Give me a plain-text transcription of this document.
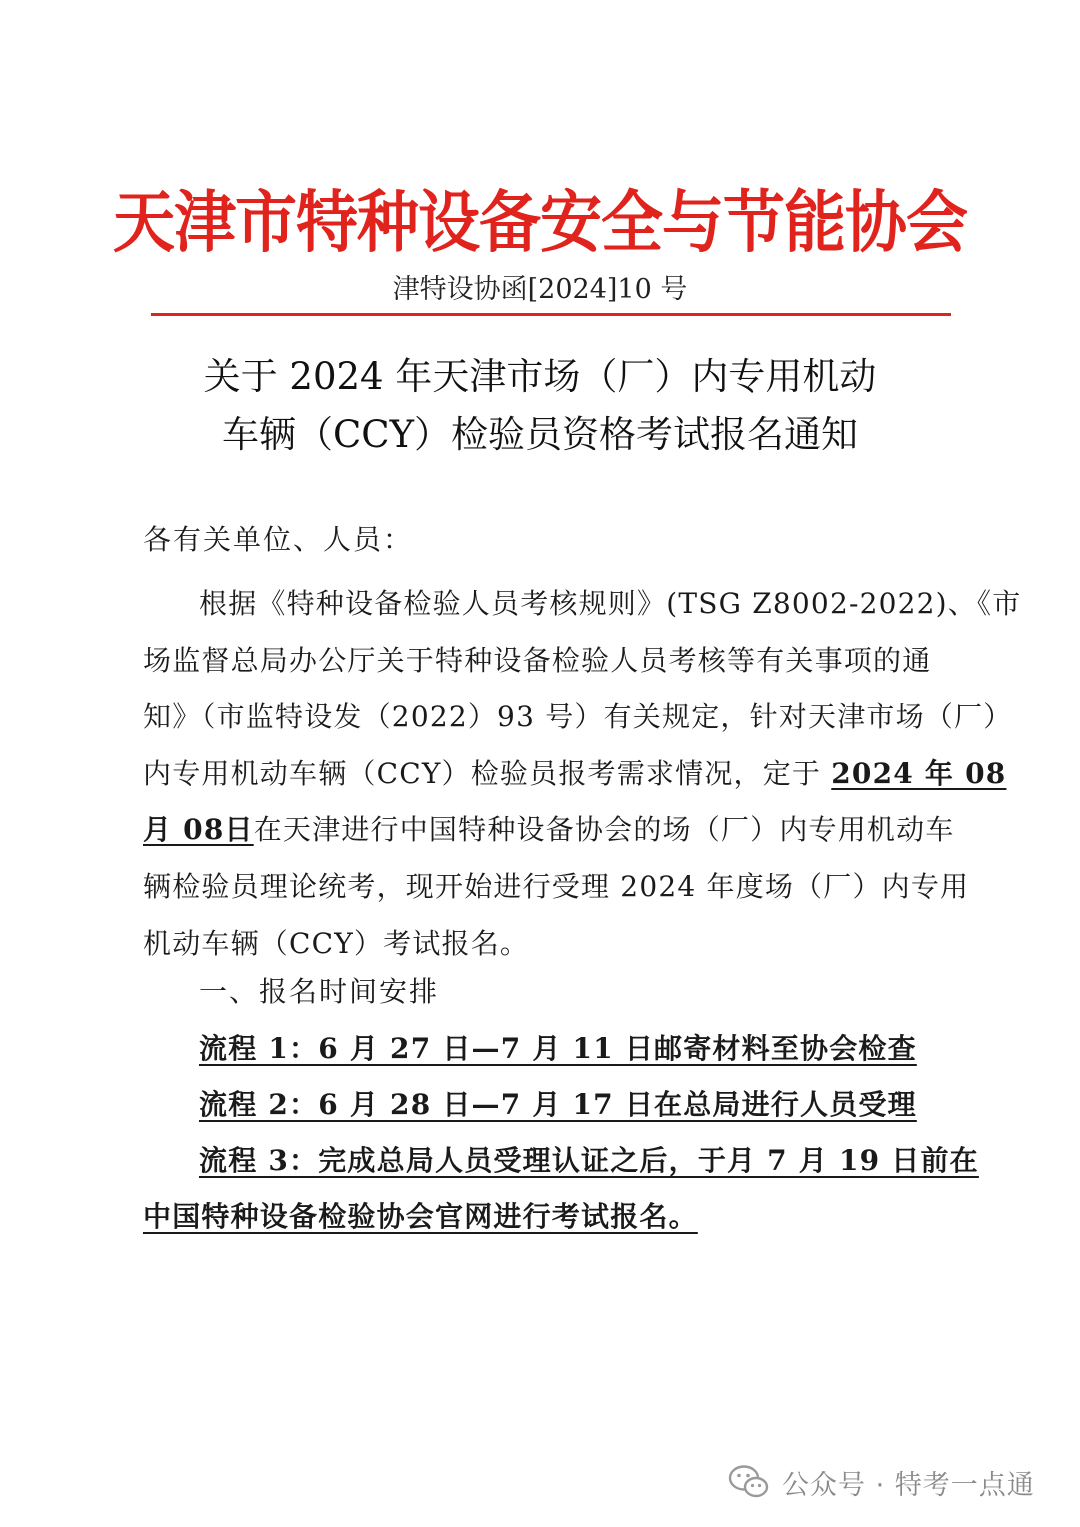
天津市特种设备安全与节能协会
津特设协函[2024]10 号
关于 2024 年天津市场（厂）内专用机动
车辆（CCY）检验员资格考试报名通知
各有关单位、人员：
根据《特种设备检验人员考核规则》(TSG Z8002-2022)、《市
场监督总局办公厅关于特种设备检验人员考核等有关事项的通
知》（市监特设发（2022）93 号）有关规定，针对天津市场（厂）
内专用机动车辆（CCY）检验员报考需求情况，定于 2024 年 08
月 08日在天津进行中国特种设备协会的场（厂）内专用机动车
辆检验员理论统考，现开始进行受理 2024 年度场（厂）内专用
机动车辆（CCY）考试报名。
一、报名时间安排
流程 1：6 月 27 日—7 月 11 日邮寄材料至协会检查
流程 2：6 月 28 日—7 月 17 日在总局进行人员受理
流程 3：完成总局人员受理认证之后，于月 7 月 19 日前在
中国特种设备检验协会官网进行考试报名。
公众号 · 特考一点通
